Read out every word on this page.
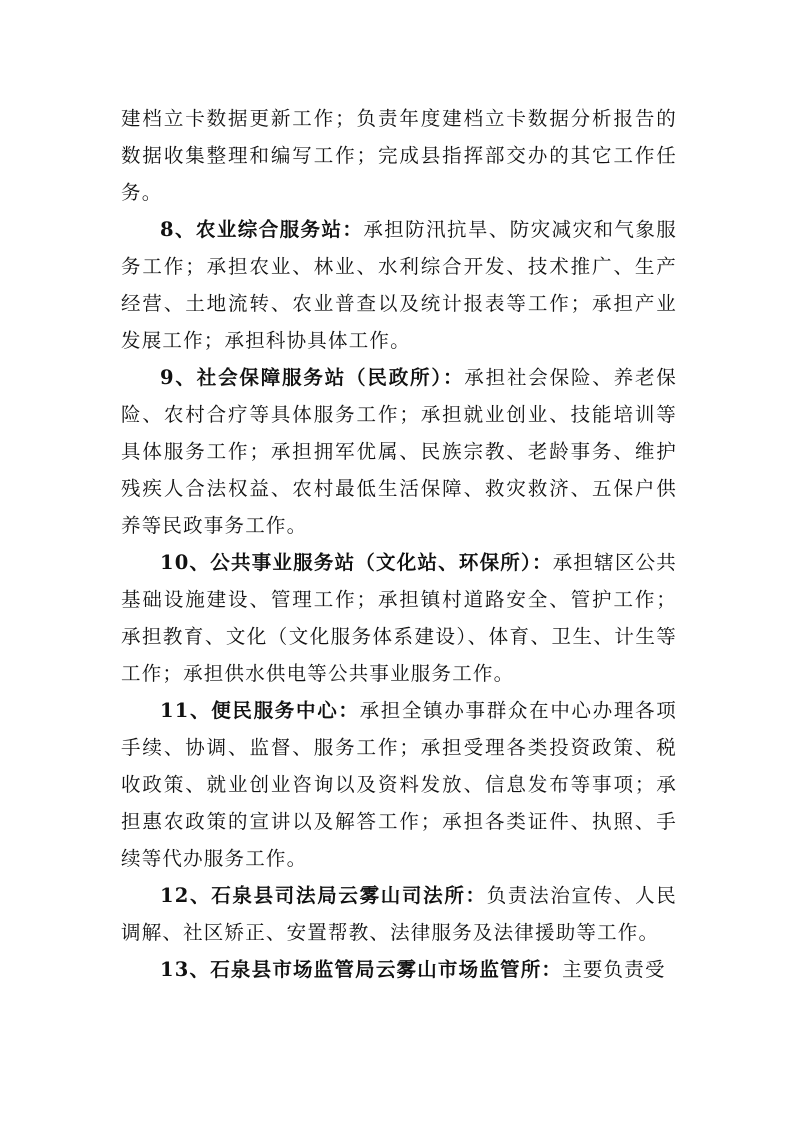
建档立卡数据更新工作；负责年度建档立卡数据分析报告的数据收集整理和编写工作；完成县指挥部交办的其它工作任务。

8、农业综合服务站：承担防汛抗旱、防灾减灾和气象服务工作；承担农业、林业、水利综合开发、技术推广、生产经营、土地流转、农业普查以及统计报表等工作；承担产业发展工作；承担科协具体工作。

9、社会保障服务站（民政所）：承担社会保险、养老保险、农村合疗等具体服务工作；承担就业创业、技能培训等具体服务工作；承担拥军优属、民族宗教、老龄事务、维护残疾人合法权益、农村最低生活保障、救灾救济、五保户供养等民政事务工作。

10、公共事业服务站（文化站、环保所）：承担辖区公共基础设施建设、管理工作；承担镇村道路安全、管护工作；承担教育、文化（文化服务体系建设）、体育、卫生、计生等工作；承担供水供电等公共事业服务工作。

11、便民服务中心：承担全镇办事群众在中心办理各项手续、协调、监督、服务工作；承担受理各类投资政策、税收政策、就业创业咨询以及资料发放、信息发布等事项；承担惠农政策的宣讲以及解答工作；承担各类证件、执照、手续等代办服务工作。

12、石泉县司法局云雾山司法所：负责法治宣传、人民调解、社区矫正、安置帮教、法律服务及法律援助等工作。

13、石泉县市场监管局云雾山市场监管所：主要负责受
